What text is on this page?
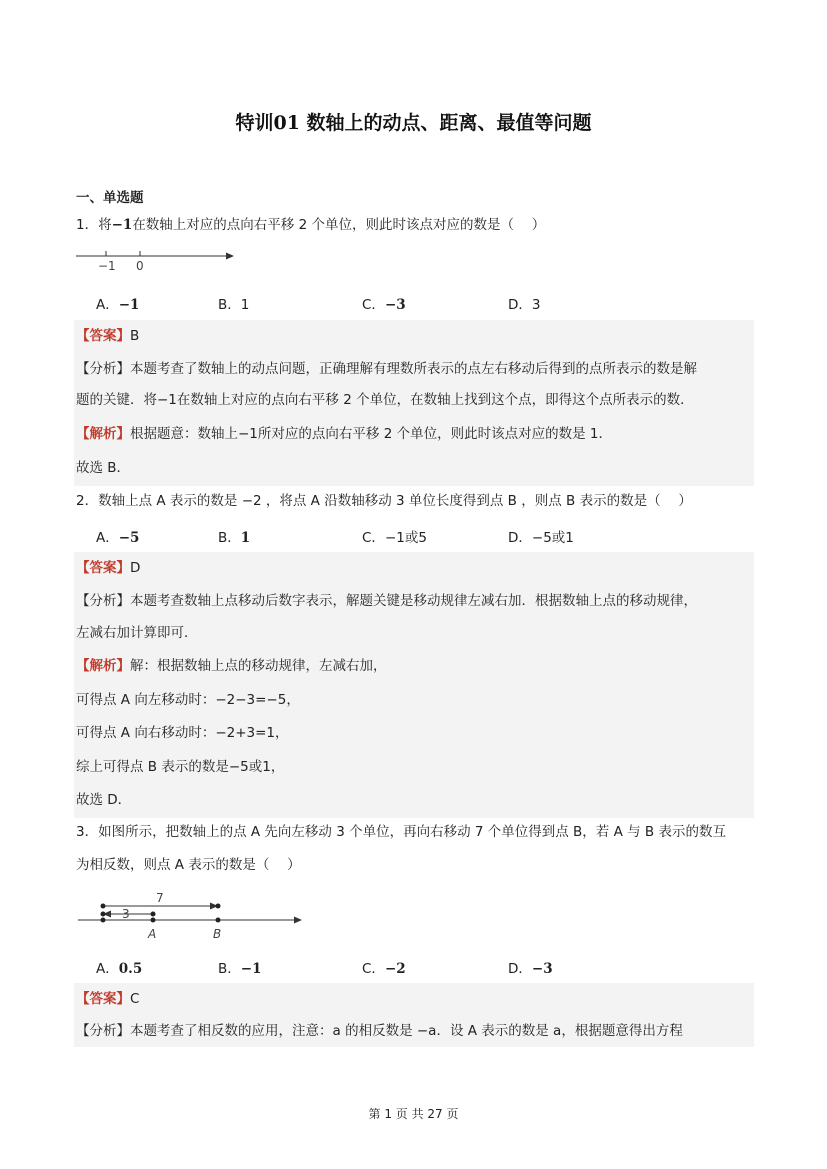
特训01 数轴上的动点、距离、最值等问题
一、单选题
1．将−1在数轴上对应的点向右平移 2 个单位，则此时该点对应的数是（　 ）
−1 0
A．−1	B．1	C．−3	D．3
【答案】B
【分析】本题考查了数轴上的动点问题，正确理解有理数所表示的点左右移动后得到的点所表示的数是解
题的关键．将−1在数轴上对应的点向右平移 2 个单位，在数轴上找到这个点，即得这个点所表示的数．
【解析】根据题意：数轴上−1所对应的点向右平移 2 个单位，则此时该点对应的数是 1．
故选 B．
2．数轴上点 A 表示的数是 −2 ，将点 A 沿数轴移动 3 单位长度得到点 B ，则点 B 表示的数是（　 ）
A．−5	B．1	C．−1或5	D．−5或1
【答案】D
【分析】本题考查数轴上点移动后数字表示，解题关键是移动规律左减右加．根据数轴上点的移动规律，
左减右加计算即可．
【解析】解：根据数轴上点的移动规律，左减右加，
可得点 A 向左移动时：−2−3=−5，
可得点 A 向右移动时：−2+3=1，
综上可得点 B 表示的数是−5或1，
故选 D．
3．如图所示，把数轴上的点 A 先向左移动 3 个单位，再向右移动 7 个单位得到点 B，若 A 与 B 表示的数互
为相反数，则点 A 表示的数是（　 ）
7
3
A	B
A．0.5	B．−1	C．−2	D．−3
【答案】C
【分析】本题考查了相反数的应用，注意：a 的相反数是 −a．设 A 表示的数是 a，根据题意得出方程
第 1 页 共 27 页
